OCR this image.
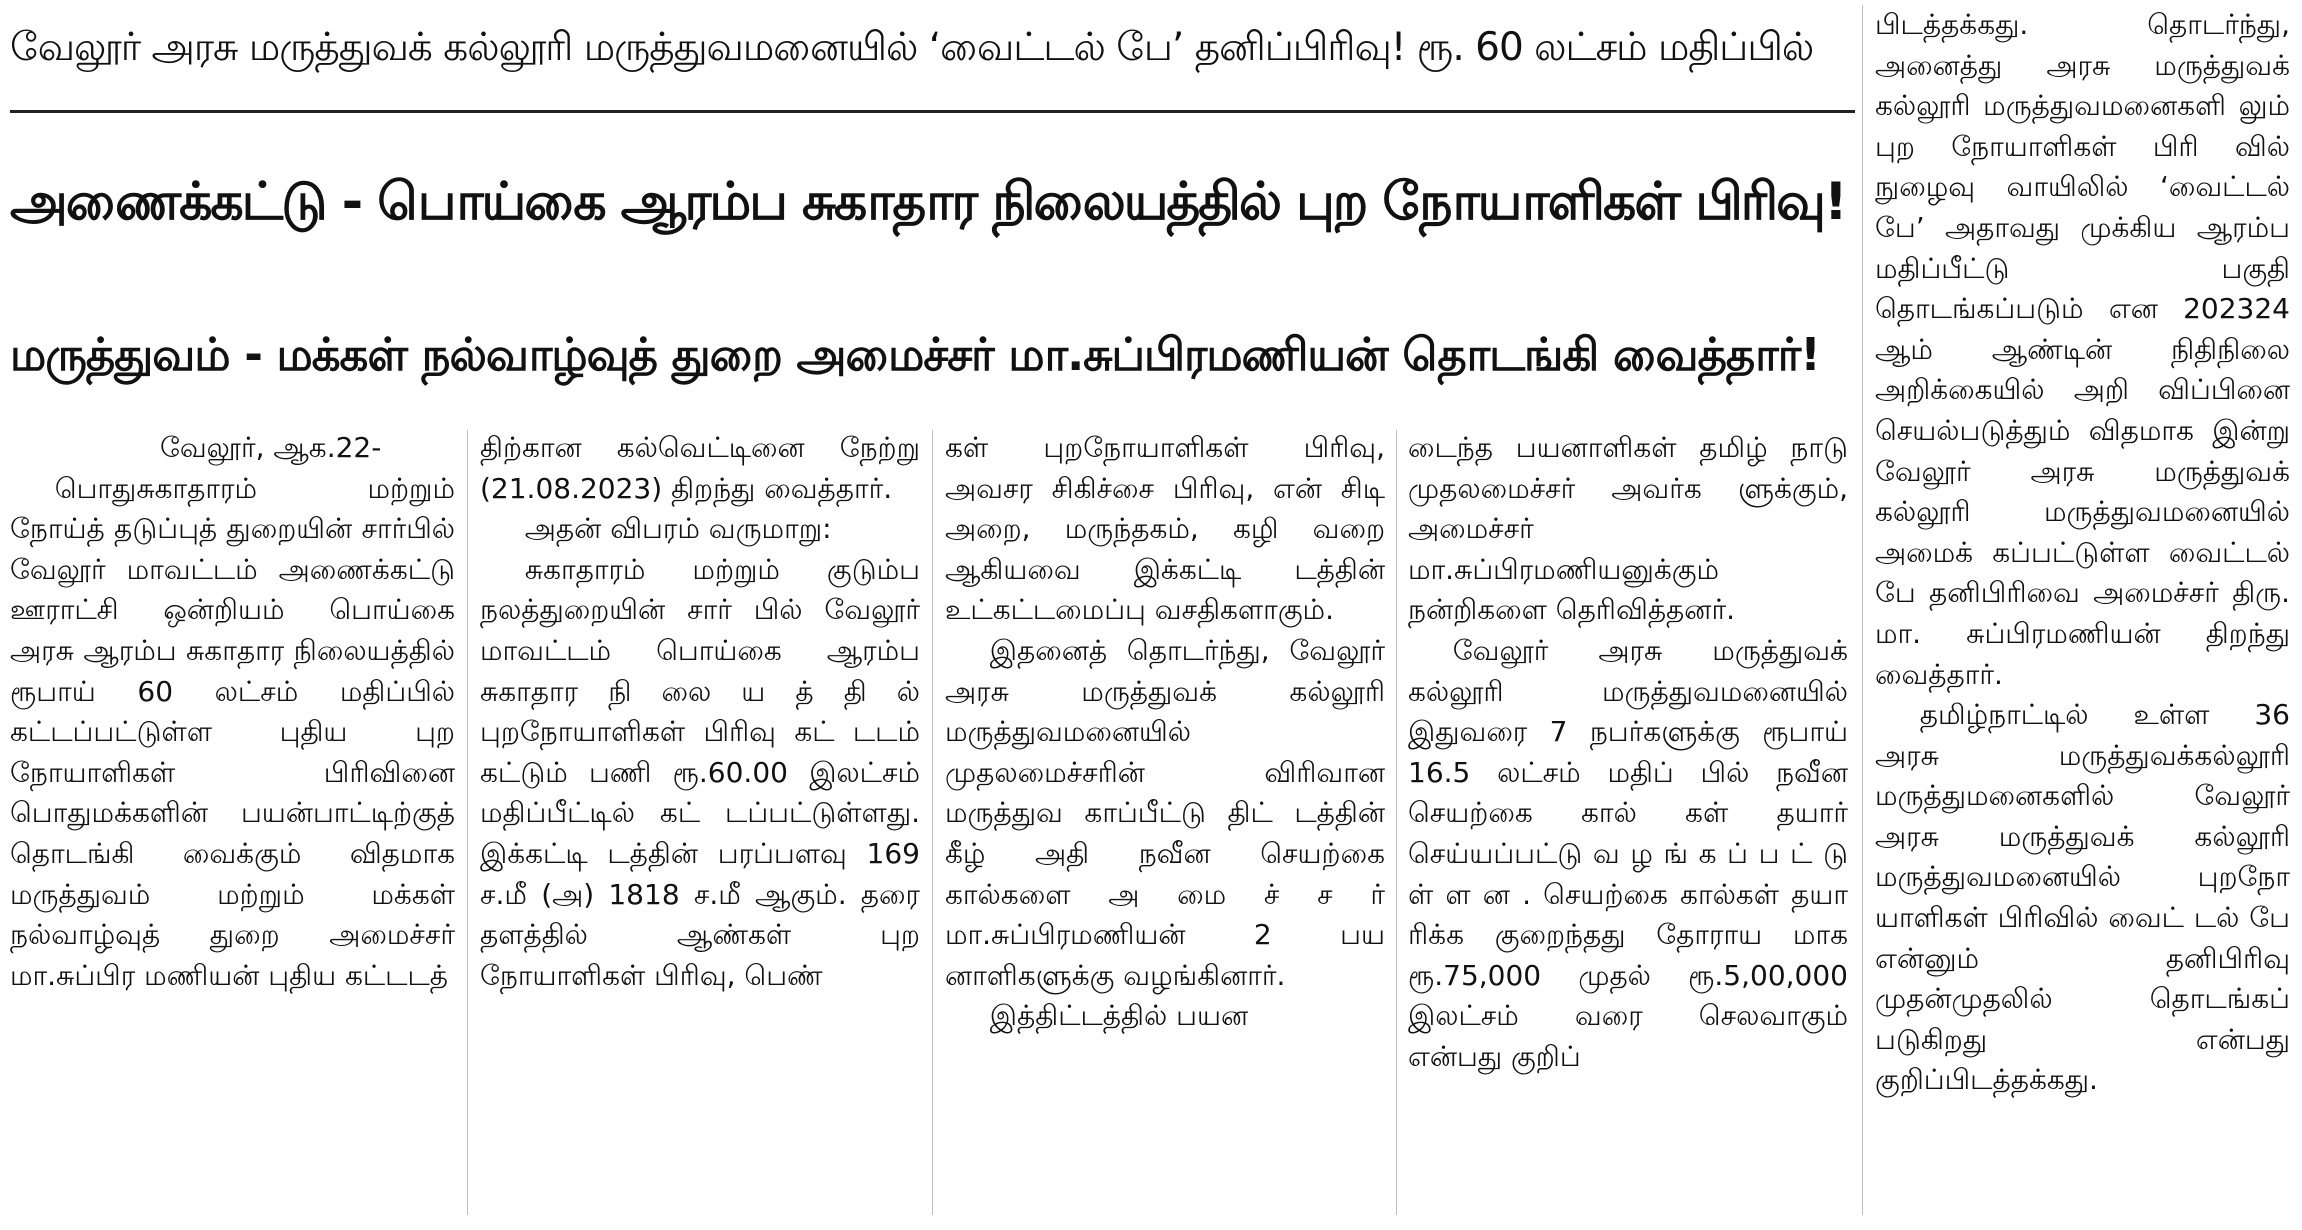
வேலூர் அரசு மருத்துவக் கல்லூரி மருத்துவமனையில் ‘வைட்டல் பே’ தனிப்பிரிவு! ரூ. 60 லட்சம் மதிப்பில்
அணைக்கட்டு - பொய்கை ஆரம்ப சுகாதார நிலையத்தில் புற நோயாளிகள் பிரிவு!
மருத்துவம் - மக்கள் நல்வாழ்வுத் துறை அமைச்சர் மா.சுப்பிரமணியன் தொடங்கி வைத்தார்!

வேலூர், ஆக.22-

பொதுசுகாதாரம் மற்றும் நோய்த் தடுப்புத் துறையின் சார்பில் வேலூர் மாவட்டம் அணைக்கட்டு ஊராட்சி ஒன்றியம் பொய்கை அரசு ஆரம்ப சுகாதார நிலையத்தில் ரூபாய் 60 லட்சம் மதிப்பில் கட்டப்பட்டுள்ள புதிய புற நோயாளிகள் பிரிவினை பொதுமக்களின் பயன்பாட்டிற்குத் தொடங்கி வைக்கும் விதமாக மருத்துவம் மற்றும் மக்கள் நல்வாழ்வுத் துறை அமைச்சர் மா.சுப்பிர மணியன் புதிய கட்டடத்

திற்கான கல்வெட்டினை நேற்று (21.08.2023) திறந்து வைத்தார்.

அதன் விபரம் வருமாறு:

சுகாதாரம் மற்றும் குடும்ப நலத்துறையின் சார் பில் வேலூர் மாவட்டம் பொய்கை ஆரம்ப சுகாதார நி லை ய த் தி ல் புறநோயாளிகள் பிரிவு கட் டடம் கட்டும் பணி ரூ.60.00 இலட்சம் மதிப்பீட்டில் கட் டப்பட்டுள்ளது. இக்கட்டி டத்தின் பரப்பளவு 169 ச.மீ (அ) 1818 ச.மீ ஆகும். தரை தளத்தில் ஆண்கள் புற நோயாளிகள் பிரிவு, பெண்

கள் புறநோயாளிகள் பிரிவு, அவசர சிகிச்சை பிரிவு, என் சிடி அறை, மருந்தகம், கழி வறை ஆகியவை இக்கட்டி டத்தின் உட்கட்டமைப்பு வசதிகளாகும்.

இதனைத் தொடர்ந்து, வேலூர் அரசு மருத்துவக் கல்லூரி மருத்துவமனையில் முதலமைச்சரின் விரிவான மருத்துவ காப்பீட்டு திட் டத்தின் கீழ் அதி நவீன செயற்கை கால்களை அ மை ச் ச ர் மா.சுப்பிரமணியன் 2 பய னாளிகளுக்கு வழங்கினார்.

இத்திட்டத்தில் பயன

டைந்த பயனாளிகள் தமிழ் நாடு முதலமைச்சர் அவர்க ளுக்கும், அமைச்சர் மா.சுப்பிரமணியனுக்கும் நன்றிகளை தெரிவித்தனர்.

வேலூர் அரசு மருத்துவக் கல்லூரி மருத்துவமனையில் இதுவரை 7 நபர்களுக்கு ரூபாய் 16.5 லட்சம் மதிப் பில் நவீன செயற்கை கால் கள் தயார் செய்யப்பட்டு வ ழ ங் க ப் ப ட் டு ள் ள ன . செயற்கை கால்கள் தயா ரிக்க குறைந்தது தோராய மாக ரூ.75,000 முதல் ரூ.5,00,000 இலட்சம் வரை செலவாகும் என்பது குறிப்

பிடத்தக்கது. தொடர்ந்து, அனைத்து அரசு மருத்துவக் கல்லூரி மருத்துவமனைகளி லும் புற நோயாளிகள் பிரி வில் நுழைவு வாயிலில் ‘வைட்டல் பே’ அதாவது முக்கிய ஆரம்ப மதிப்பீட்டு பகுதி தொடங்கப்படும் என 202324 ஆம் ஆண்டின் நிதிநிலை அறிக்கையில் அறி விப்பினை செயல்படுத்தும் விதமாக இன்று வேலூர் அரசு மருத்துவக் கல்லூரி மருத்துவமனையில் அமைக் கப்பட்டுள்ள வைட்டல் பே தனிபிரிவை அமைச்சர் திரு. மா. சுப்பிரமணியன் திறந்து வைத்தார்.

தமிழ்நாட்டில் உள்ள 36 அரசு மருத்துவக்கல்லூரி மருத்துமனைகளில் வேலூர் அரசு மருத்துவக் கல்லூரி மருத்துவமனையில் புறநோ யாளிகள் பிரிவில் வைட் டல் பே என்னும் தனிபிரிவு முதன்முதலில் தொடங்கப் படுகிறது என்பது குறிப்பிடத்தக்கது.
